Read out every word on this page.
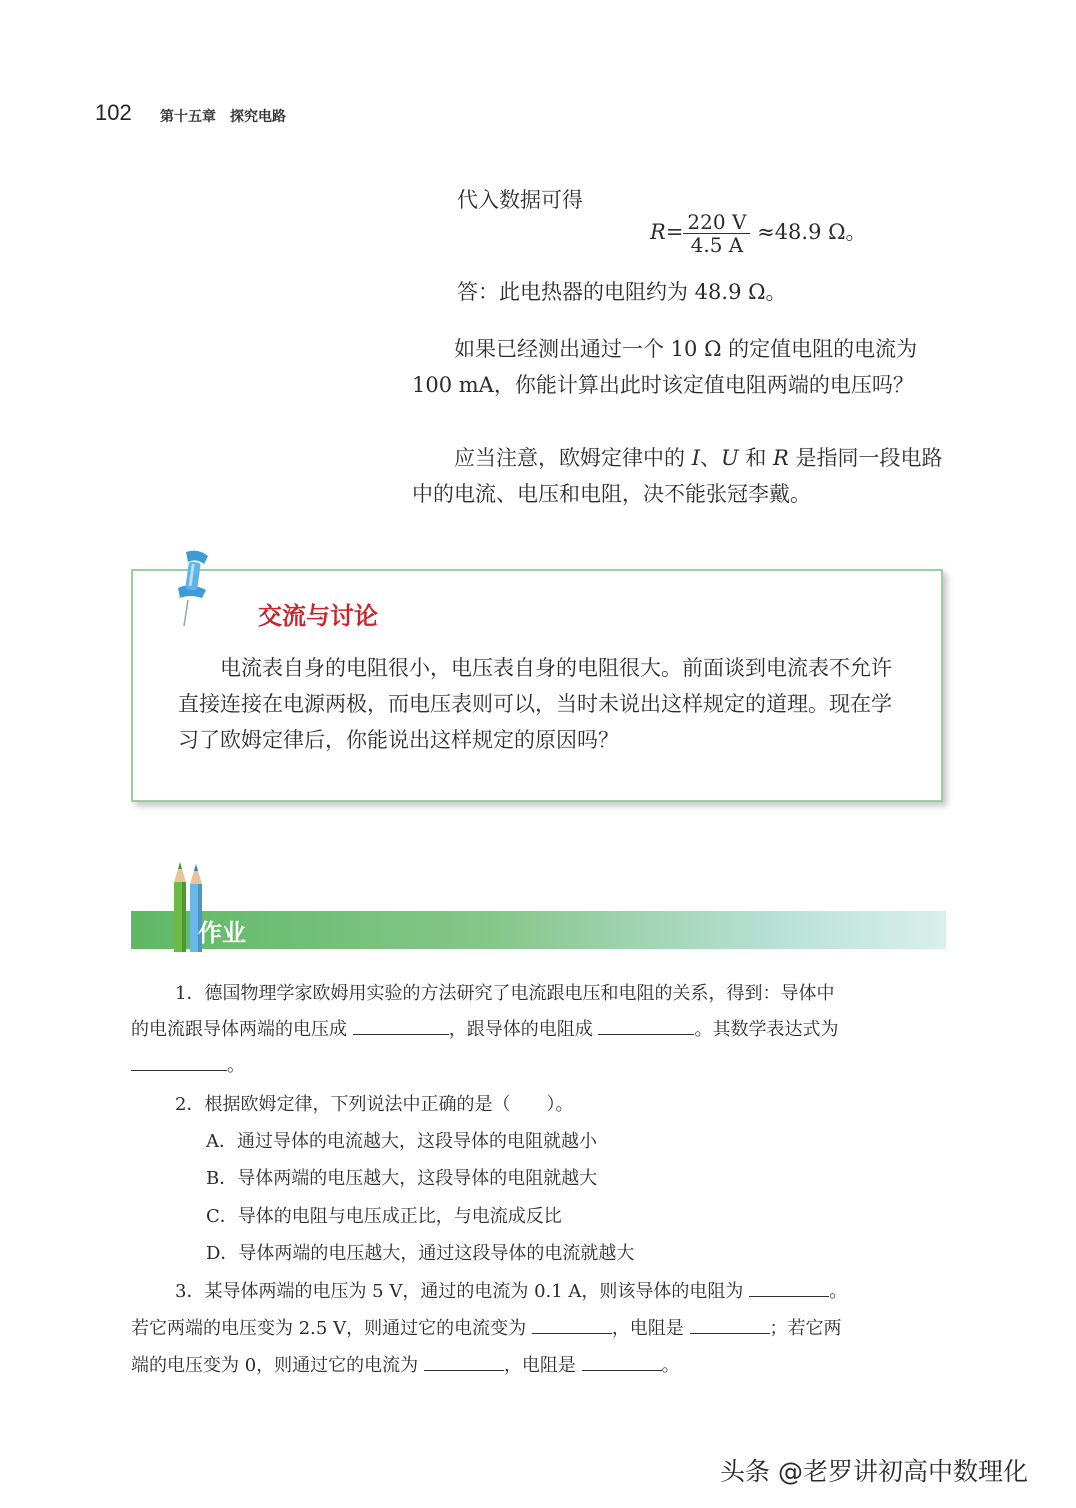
102 第十五章　探究电路
代入数据可得
$R= \frac{220 V}{4.5 A} \approx 48.9$ Ω。
答：此电热器的电阻约为 48.9 Ω。
如果已经测出通过一个 10 Ω 的定值电阻的电流为 100 mA，你能计算出此时该定值电阻两端的电压吗？
应当注意，欧姆定律中的 I、U 和 R 是指同一段电路中的电流、电压和电阻，决不能张冠李戴。
交流与讨论
电流表自身的电阻很小，电压表自身的电阻很大。前面谈到电流表不允许直接连接在电源两极，而电压表则可以，当时未说出这样规定的道理。现在学习了欧姆定律后，你能说出这样规定的原因吗？
作业
1．德国物理学家欧姆用实验的方法研究了电流跟电压和电阻的关系，得到：导体中
的电流跟导体两端的电压成	，跟导体的电阻成	。其数学表达式为
。
2．根据欧姆定律，下列说法中正确的是（　　）。
A．通过导体的电流越大，这段导体的电阻就越小
B．导体两端的电压越大，这段导体的电阻就越大
C．导体的电阻与电压成正比，与电流成反比
D．导体两端的电压越大，通过这段导体的电流就越大
3．某导体两端的电压为 5 V，通过的电流为 0.1 A，则该导体的电阻为	。
若它两端的电压变为 2.5 V，则通过它的电流变为	，电阻是	；若它两
端的电压变为 0，则通过它的电流为	，电阻是	。
头条 @老罗讲初高中数理化
